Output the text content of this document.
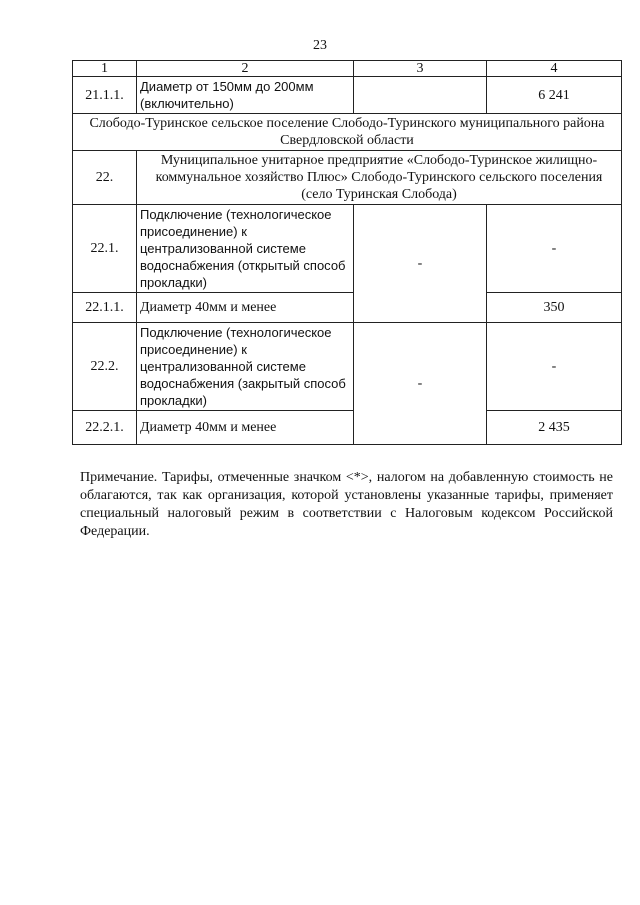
23
1	2	3	4
21.1.1.	Диаметр от 150мм до 200мм (включительно)		6 241
Слободо-Туринское сельское поселение Слободо-Туринского муниципального района Свердловской области			
22.	Муниципальное унитарное предприятие «Слободо-Туринское жилищно-коммунальное хозяйство Плюс» Слободо-Туринского сельского поселения (село Туринская Слобода)		
22.1.	Подключение (технологическое присоединение) к централизованной системе водоснабжения (открытый способ прокладки)	-	-
22.1.1.	Диаметр 40мм и менее		350
22.2.	Подключение (технологическое присоединение) к централизованной системе водоснабжения (закрытый способ прокладки)	-	-
22.2.1.	Диаметр 40мм и менее		2 435

Примечание. Тарифы, отмеченные значком <*>, налогом на добавленную стоимость не облагаются, так как организация, которой установлены указанные тарифы, применяет специальный налоговый режим в соответствии с Налоговым кодексом Российской Федерации.
